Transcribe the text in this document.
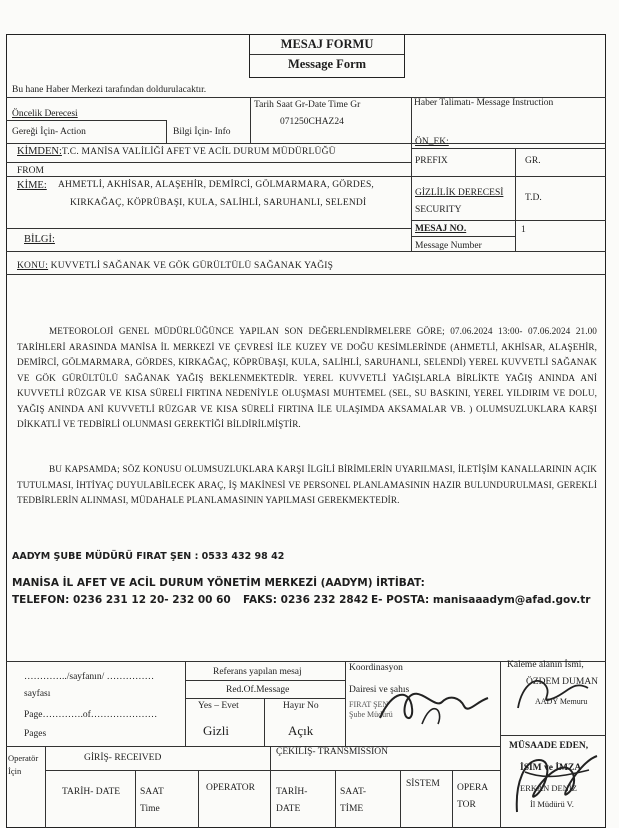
MESAJ FORMU
Message Form
Bu hane Haber Merkezi tarafından doldurulacaktır.
Öncelik Derecesi
Gereği İçin- Action	Bilgi İçin- Info
Tarih Saat Gr-Date Time Gr
071250CHAZ24
Haber Talimatı- Message Instruction
KİMDEN:T.C. MANİSA VALİLİĞİ AFET VE ACİL DURUM MÜDÜRLÜĞÜ
ÖN_EK:
PREFIX	GR.
FROM
KİME: AHMETLİ, AKHİSAR, ALAŞEHİR, DEMİRCİ, GÖLMARMARA, GÖRDES,
KIRKAĞAÇ, KÖPRÜBAŞI, KULA, SALİHLİ, SARUHANLI, SELENDİ
GİZLİLİK DERECESİ
SECURITY
T.D.
BİLGİ:
MESAJ NO.
Message Number
1
KONU: KUVVETLİ SAĞANAK VE GÖK GÜRÜLTÜLÜ SAĞANAK YAĞIŞ
METEOROLOJİ GENEL MÜDÜRLÜĞÜNCE YAPILAN SON DEĞERLENDİRMELERE GÖRE; 07.06.2024 13:00- 07.06.2024 21.00 TARİHLERİ ARASINDA MANİSA İL MERKEZİ VE ÇEVRESİ İLE KUZEY VE DOĞU KESİMLERİNDE (AHMETLİ, AKHİSAR, ALAŞEHİR, DEMİRCİ, GÖLMARMARA, GÖRDES, KIRKAĞAÇ, KÖPRÜBAŞI, KULA, SALİHLİ, SARUHANLI, SELENDİ) YEREL KUVVETLİ SAĞANAK VE GÖK GÜRÜLTÜLÜ SAĞANAK YAĞIŞ BEKLENMEKTEDİR. YEREL KUVVETLİ YAĞIŞLARLA BİRLİKTE YAĞIŞ ANINDA ANİ KUVVETLİ RÜZGAR VE KISA SÜRELİ FIRTINA NEDENİYLE OLUŞMASI MUHTEMEL (SEL, SU BASKINI, YEREL YILDIRIM VE DOLU, YAĞIŞ ANINDA ANİ KUVVETLİ RÜZGAR VE KISA SÜRELİ FIRTINA İLE ULAŞIMDA AKSAMALAR VB. ) OLUMSUZLUKLARA KARŞI DİKKATLİ VE TEDBİRLİ OLUNMASI GEREKTİĞİ BİLDİRİLMİŞTİR.
BU KAPSAMDA; SÖZ KONUSU OLUMSUZLUKLARA KARŞI İLGİLİ BİRİMLERİN UYARILMASI, İLETİŞİM KANALLARININ AÇIK TUTULMASI, İHTİYAÇ DUYULABİLECEK ARAÇ, İŞ MAKİNESİ VE PERSONEL PLANLAMASININ HAZIR BULUNDURULMASI, GEREKLİ TEDBİRLERİN ALINMASI, MÜDAHALE PLANLAMASININ YAPILMASI GEREKMEKTEDİR.
AADYM ŞUBE MÜDÜRÜ FIRAT ŞEN : 0533 432 98 42
MANİSA İL AFET VE ACİL DURUM YÖNETİM MERKEZİ (AADYM) İRTİBAT:
TELEFON: 0236 231 12 20- 232 00 60 FAKS: 0236 232 2842 E- POSTA: manisaaadym@afad.gov.tr
…………../sayfanın/ ……………
sayfası
Page………….of…………………
Pages
Referans yapılan mesaj
Red.Of.Message
Yes – Evet	Hayır No
Gizli	Açık
Koordinasyon
Dairesi ve şahıs
FIRAT ŞEN
Şube Müdürü
Kaleme alanın İsmi,
ÖZDEM DUMAN
AADY Memuru
Operatör İçin
GİRİŞ- RECEIVED
ÇEKİLİŞ- TRANSMISSION
TARİH- DATE SAAT Time
OPERATOR TARİH- DATE
SAAT- TİME
SİSTEM OPERA TOR
MÜSAADE EDEN,
İSİM ve İMZA
ERKAN DENİZ
İl Müdürü V.
